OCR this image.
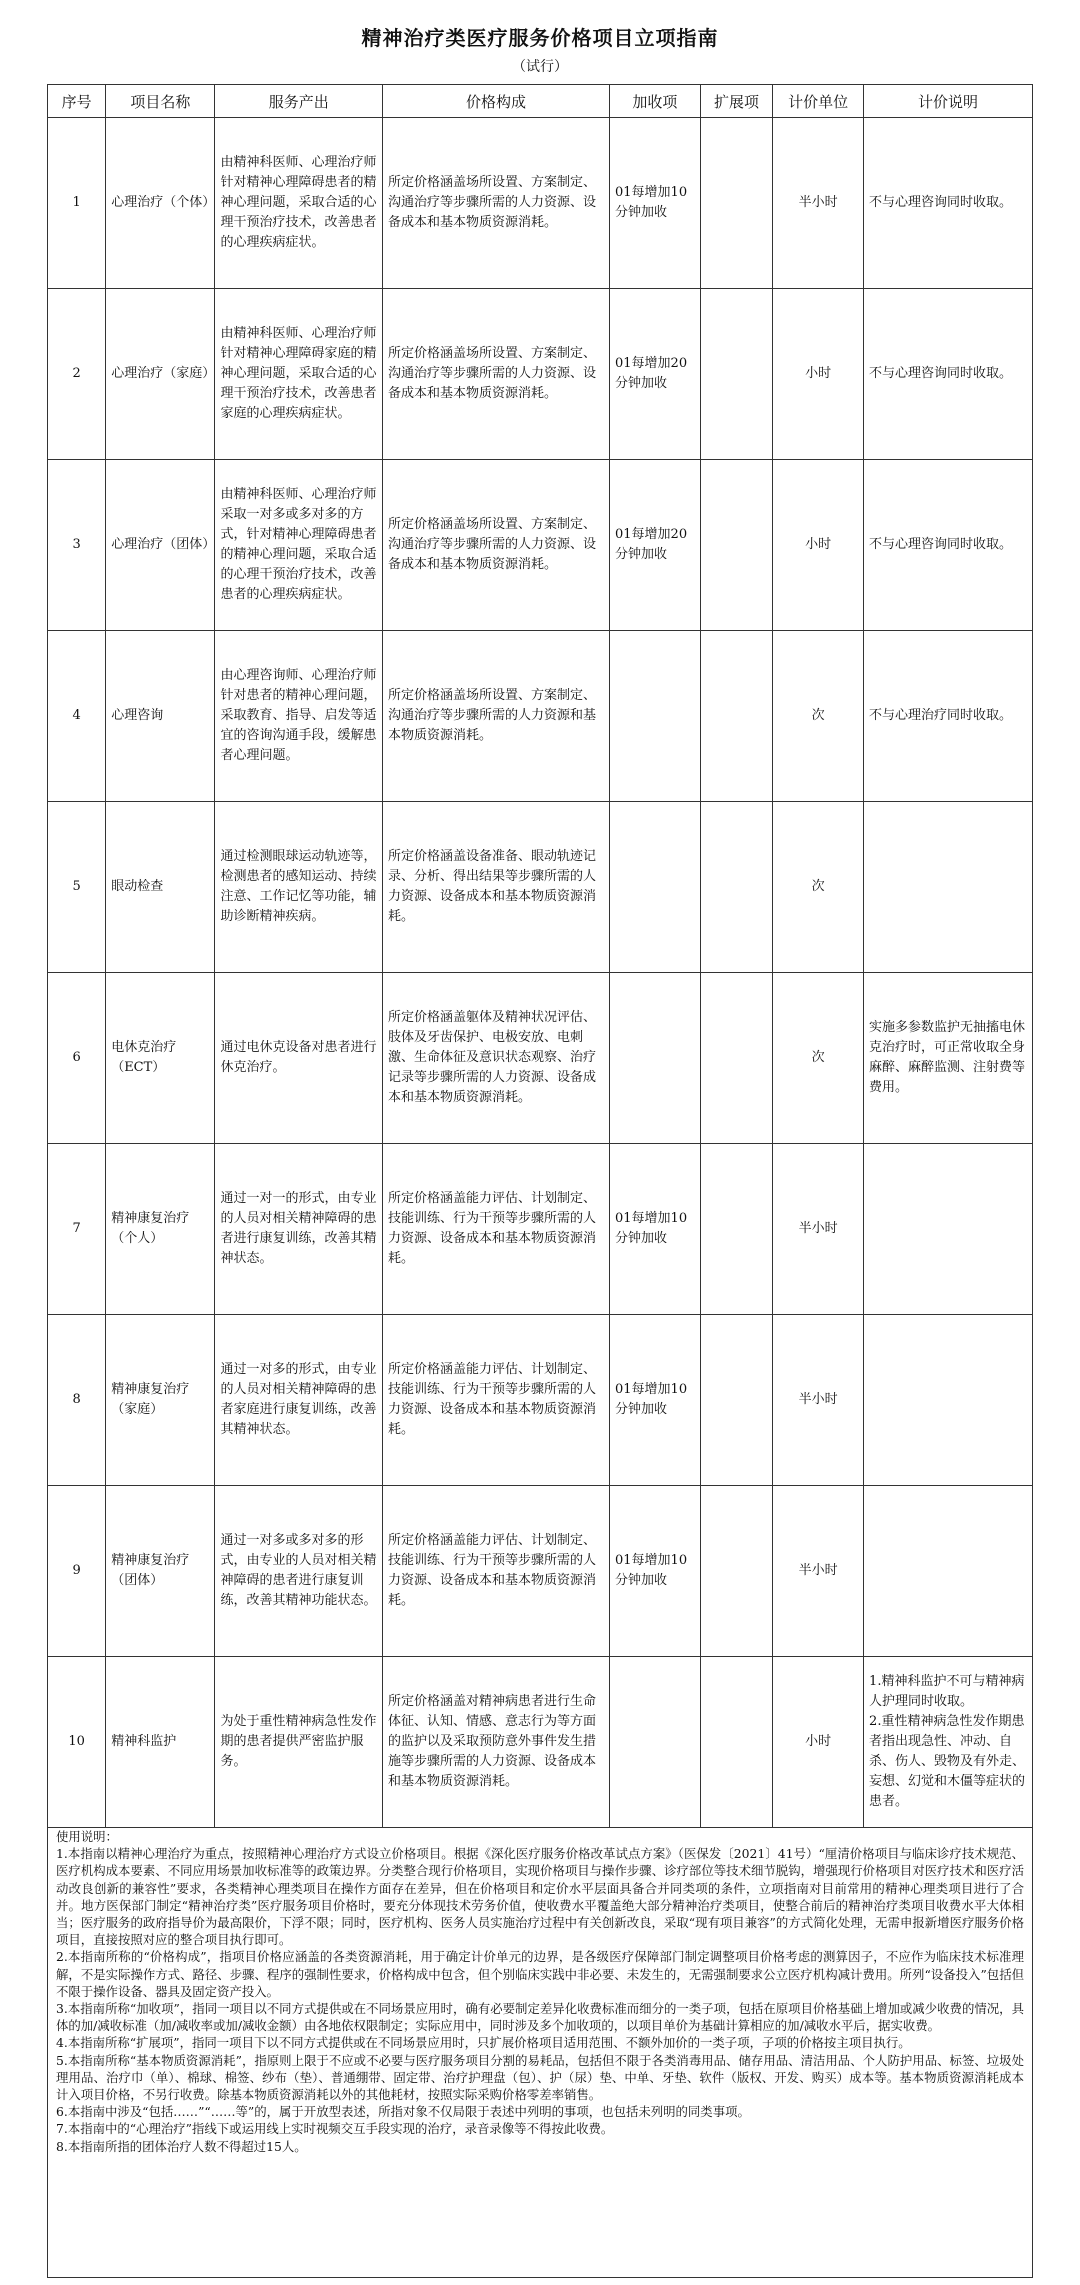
精神治疗类医疗服务价格项目立项指南
（试行）
序号	项目名称	服务产出	价格构成	加收项	扩展项	计价单位	计价说明
1	心理治疗（个体）	由精神科医师、心理治疗师针对精神心理障碍患者的精神心理问题，采取合适的心理干预治疗技术，改善患者的心理疾病症状。	所定价格涵盖场所设置、方案制定、沟通治疗等步骤所需的人力资源、设备成本和基本物质资源消耗。	01每增加10分钟加收		半小时	不与心理咨询同时收取。
2	心理治疗（家庭）	由精神科医师、心理治疗师针对精神心理障碍家庭的精神心理问题，采取合适的心理干预治疗技术，改善患者家庭的心理疾病症状。	所定价格涵盖场所设置、方案制定、沟通治疗等步骤所需的人力资源、设备成本和基本物质资源消耗。	01每增加20分钟加收		小时	不与心理咨询同时收取。
3	心理治疗（团体）	由精神科医师、心理治疗师采取一对多或多对多的方式，针对精神心理障碍患者的精神心理问题，采取合适的心理干预治疗技术，改善患者的心理疾病症状。	所定价格涵盖场所设置、方案制定、沟通治疗等步骤所需的人力资源、设备成本和基本物质资源消耗。	01每增加20分钟加收		小时	不与心理咨询同时收取。
4	心理咨询	由心理咨询师、心理治疗师针对患者的精神心理问题，采取教育、指导、启发等适宜的咨询沟通手段，缓解患者心理问题。	所定价格涵盖场所设置、方案制定、沟通治疗等步骤所需的人力资源和基本物质资源消耗。			次	不与心理治疗同时收取。
5	眼动检查	通过检测眼球运动轨迹等，检测患者的感知运动、持续注意、工作记忆等功能，辅助诊断精神疾病。	所定价格涵盖设备准备、眼动轨迹记录、分析、得出结果等步骤所需的人力资源、设备成本和基本物质资源消耗。			次	
6	电休克治疗（ECT）	通过电休克设备对患者进行休克治疗。	所定价格涵盖躯体及精神状况评估、肢体及牙齿保护、电极安放、电刺激、生命体征及意识状态观察、治疗记录等步骤所需的人力资源、设备成本和基本物质资源消耗。			次	实施多参数监护无抽搐电休克治疗时，可正常收取全身麻醉、麻醉监测、注射费等费用。
7	精神康复治疗（个人）	通过一对一的形式，由专业的人员对相关精神障碍的患者进行康复训练，改善其精神状态。	所定价格涵盖能力评估、计划制定、技能训练、行为干预等步骤所需的人力资源、设备成本和基本物质资源消耗。	01每增加10分钟加收		半小时	
8	精神康复治疗（家庭）	通过一对多的形式，由专业的人员对相关精神障碍的患者家庭进行康复训练，改善其精神状态。	所定价格涵盖能力评估、计划制定、技能训练、行为干预等步骤所需的人力资源、设备成本和基本物质资源消耗。	01每增加10分钟加收		半小时	
9	精神康复治疗（团体）	通过一对多或多对多的形式，由专业的人员对相关精神障碍的患者进行康复训练，改善其精神功能状态。	所定价格涵盖能力评估、计划制定、技能训练、行为干预等步骤所需的人力资源、设备成本和基本物质资源消耗。	01每增加10分钟加收		半小时	
10	精神科监护	为处于重性精神病急性发作期的患者提供严密监护服务。	所定价格涵盖对精神病患者进行生命体征、认知、情感、意志行为等方面的监护以及采取预防意外事件发生措施等步骤所需的人力资源、设备成本和基本物质资源消耗。			小时	1.精神科监护不可与精神病人护理同时收取。
2.重性精神病急性发作期患者指出现急性、冲动、自杀、伤人、毁物及有外走、妄想、幻觉和木僵等症状的患者。

使用说明：

1.本指南以精神心理治疗为重点，按照精神心理治疗方式设立价格项目。根据《深化医疗服务价格改革试点方案》（医保发〔2021〕41号）“厘清价格项目与临床诊疗技术规范、医疗机构成本要素、不同应用场景加收标准等的政策边界。分类整合现行价格项目，实现价格项目与操作步骤、诊疗部位等技术细节脱钩，增强现行价格项目对医疗技术和医疗活动改良创新的兼容性”要求，各类精神心理类项目在操作方面存在差异，但在价格项目和定价水平层面具备合并同类项的条件，立项指南对目前常用的精神心理类项目进行了合并。地方医保部门制定“精神治疗类”医疗服务项目价格时，要充分体现技术劳务价值，使收费水平覆盖绝大部分精神治疗类项目，使整合前后的精神治疗类项目收费水平大体相当；医疗服务的政府指导价为最高限价，下浮不限；同时，医疗机构、医务人员实施治疗过程中有关创新改良，采取“现有项目兼容”的方式简化处理，无需申报新增医疗服务价格项目，直接按照对应的整合项目执行即可。

2.本指南所称的“价格构成”，指项目价格应涵盖的各类资源消耗，用于确定计价单元的边界，是各级医疗保障部门制定调整项目价格考虑的测算因子，不应作为临床技术标准理解，不是实际操作方式、路径、步骤、程序的强制性要求，价格构成中包含，但个别临床实践中非必要、未发生的，无需强制要求公立医疗机构减计费用。所列“设备投入”包括但不限于操作设备、器具及固定资产投入。

3.本指南所称“加收项”，指同一项目以不同方式提供或在不同场景应用时，确有必要制定差异化收费标准而细分的一类子项，包括在原项目价格基础上增加或减少收费的情况，具体的加/减收标准（加/减收率或加/减收金额）由各地依权限制定；实际应用中，同时涉及多个加收项的，以项目单价为基础计算相应的加/减收水平后，据实收费。

4.本指南所称“扩展项”，指同一项目下以不同方式提供或在不同场景应用时，只扩展价格项目适用范围、不额外加价的一类子项，子项的价格按主项目执行。

5.本指南所称“基本物质资源消耗”，指原则上限于不应或不必要与医疗服务项目分割的易耗品，包括但不限于各类消毒用品、储存用品、清洁用品、个人防护用品、标签、垃圾处理用品、治疗巾（单）、棉球、棉签、纱布（垫）、普通绷带、固定带、治疗护理盘（包）、护（尿）垫、中单、牙垫、软件（版权、开发、购买）成本等。基本物质资源消耗成本计入项目价格，不另行收费。除基本物质资源消耗以外的其他耗材，按照实际采购价格零差率销售。

6.本指南中涉及“包括……”“……等”的，属于开放型表述，所指对象不仅局限于表述中列明的事项，也包括未列明的同类事项。

7.本指南中的“心理治疗”指线下或运用线上实时视频交互手段实现的治疗，录音录像等不得按此收费。

8.本指南所指的团体治疗人数不得超过15人。
